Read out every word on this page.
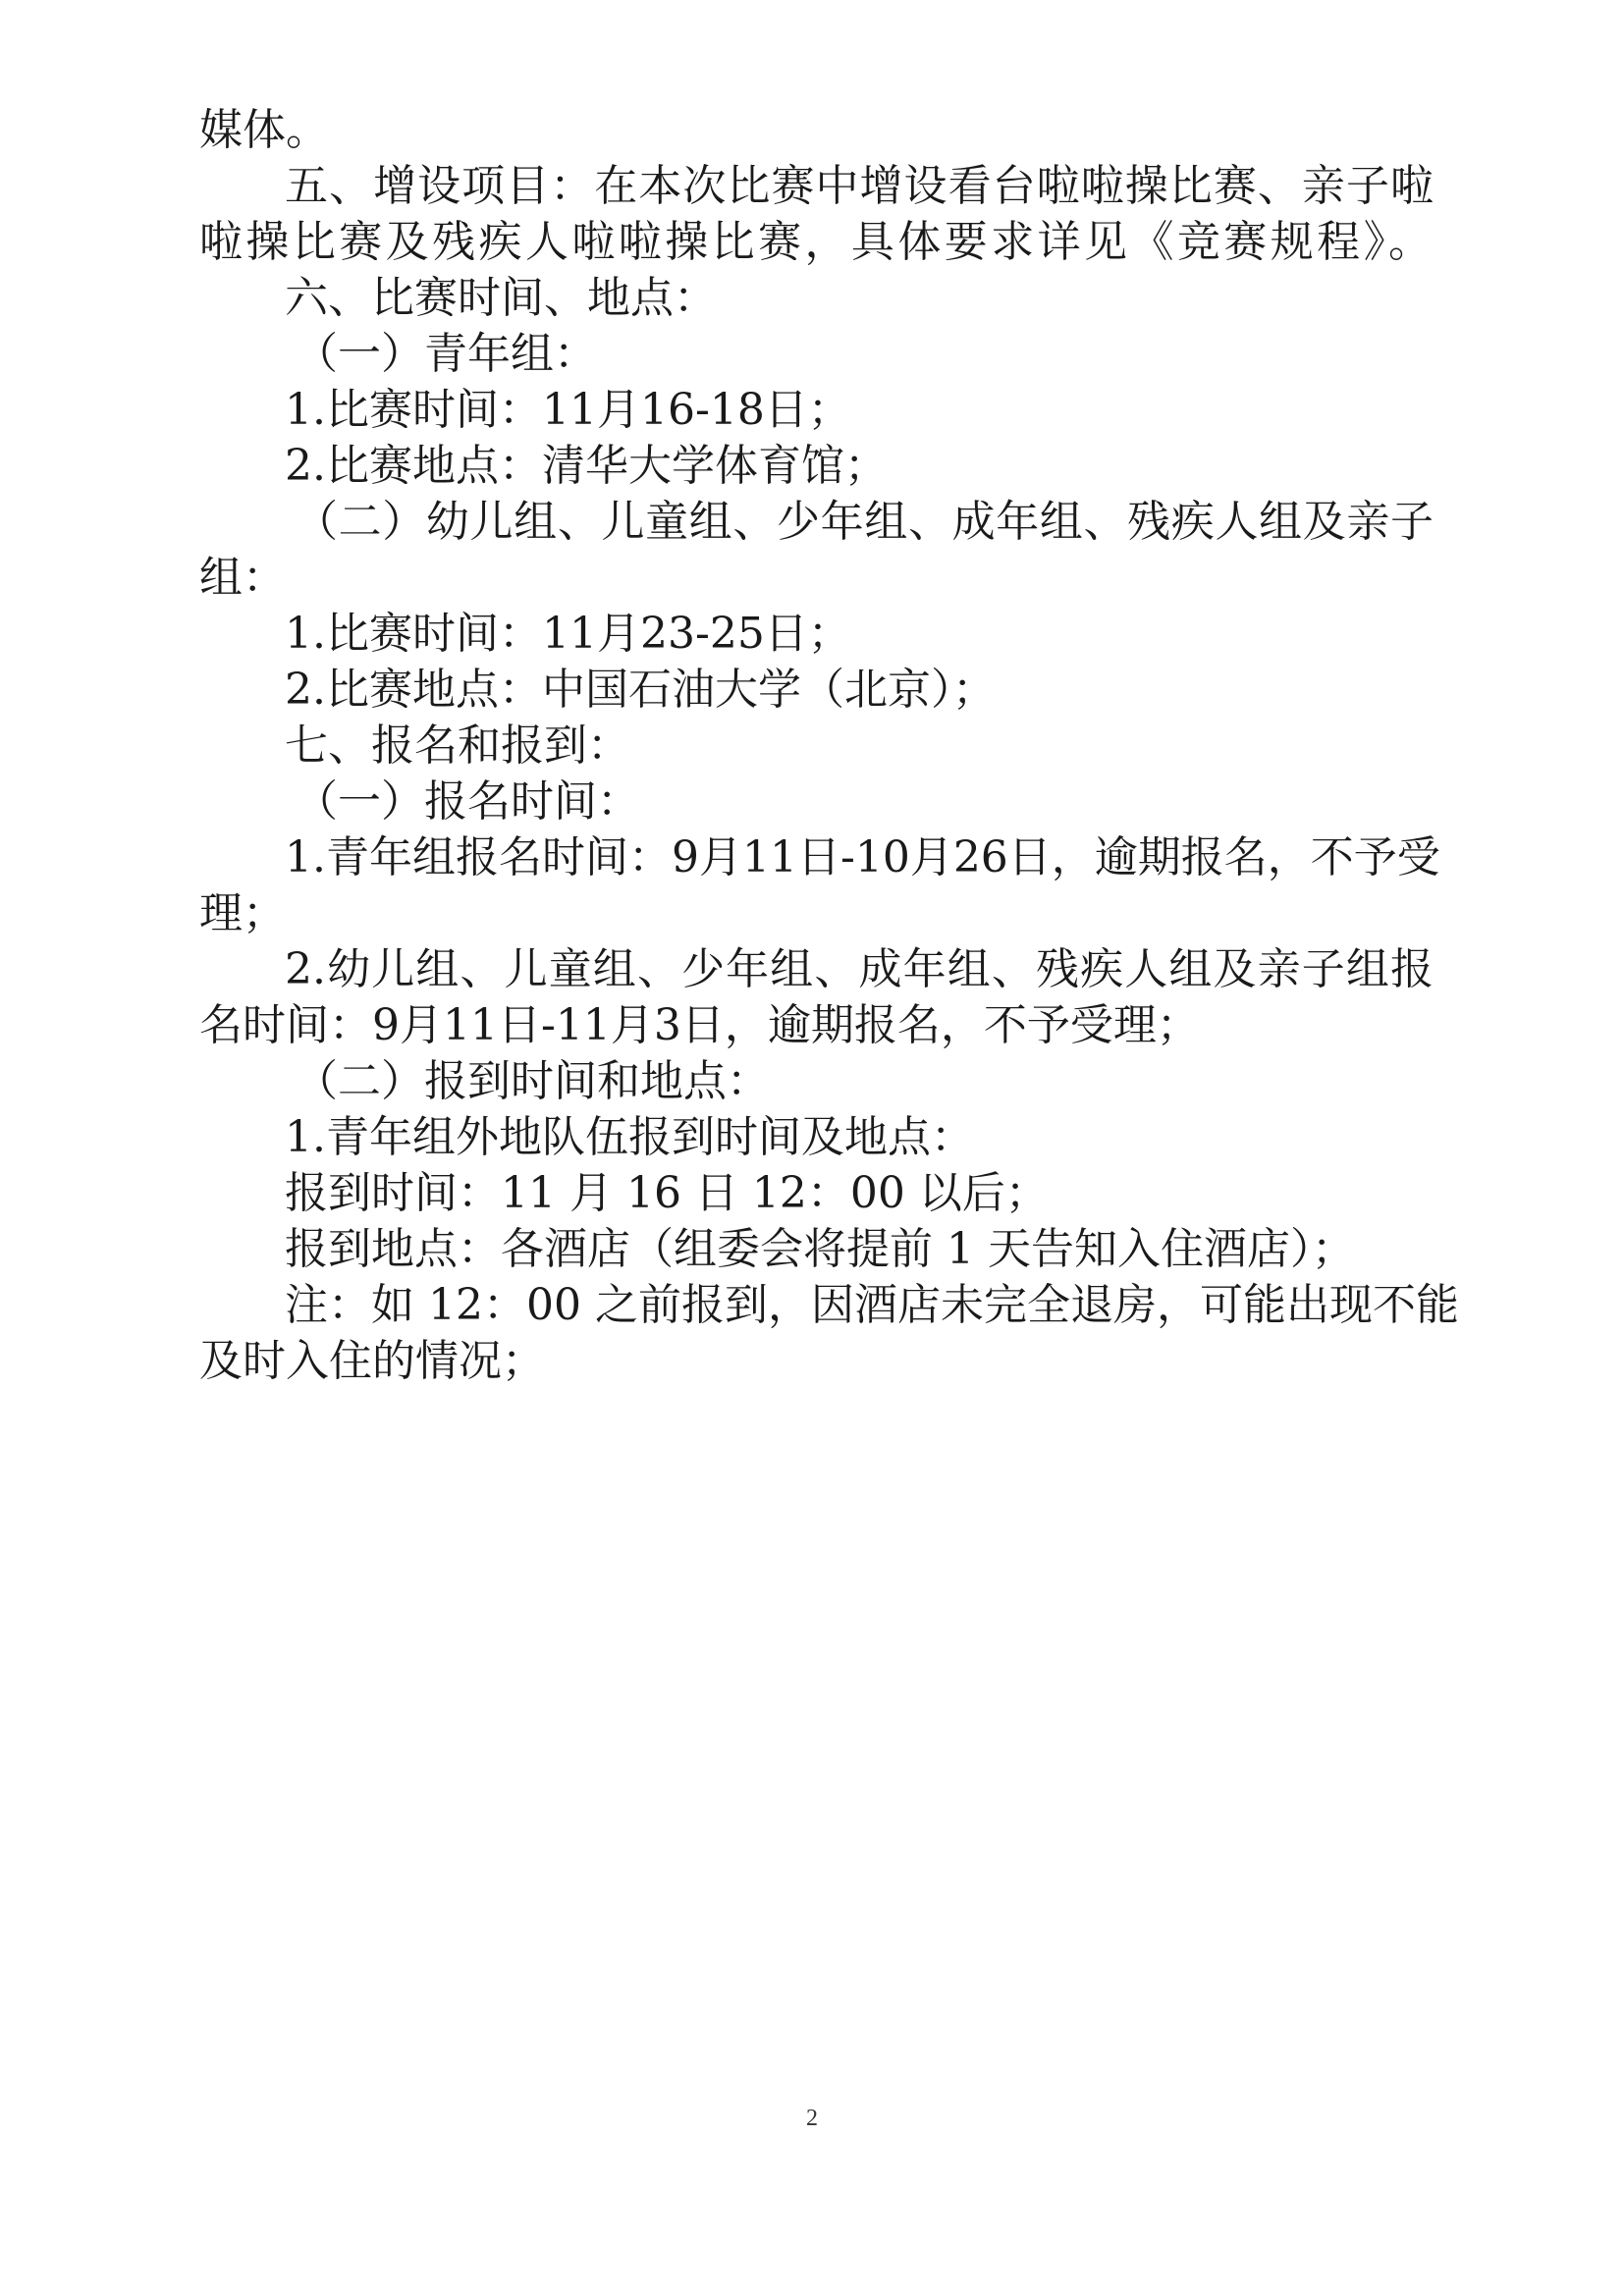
媒体。
五、增设项目：在本次比赛中增设看台啦啦操比赛、亲子啦
啦操比赛及残疾人啦啦操比赛，具体要求详见《竞赛规程》。
六、比赛时间、地点：
（一）青年组：
1.比赛时间：11月16-18日；
2.比赛地点：清华大学体育馆；
（二）幼儿组、儿童组、少年组、成年组、残疾人组及亲子
组：
1.比赛时间：11月23-25日；
2.比赛地点：中国石油大学（北京）；
七、报名和报到：
（一）报名时间：
1.青年组报名时间：9月11日-10月26日，逾期报名，不予受
理；
2.幼儿组、儿童组、少年组、成年组、残疾人组及亲子组报
名时间：9月11日-11月3日，逾期报名，不予受理；
（二）报到时间和地点：
1.青年组外地队伍报到时间及地点：
报到时间：11 月 16 日 12：00 以后；
报到地点：各酒店（组委会将提前 1 天告知入住酒店）；
注：如 12：00 之前报到，因酒店未完全退房，可能出现不能
及时入住的情况；
2
